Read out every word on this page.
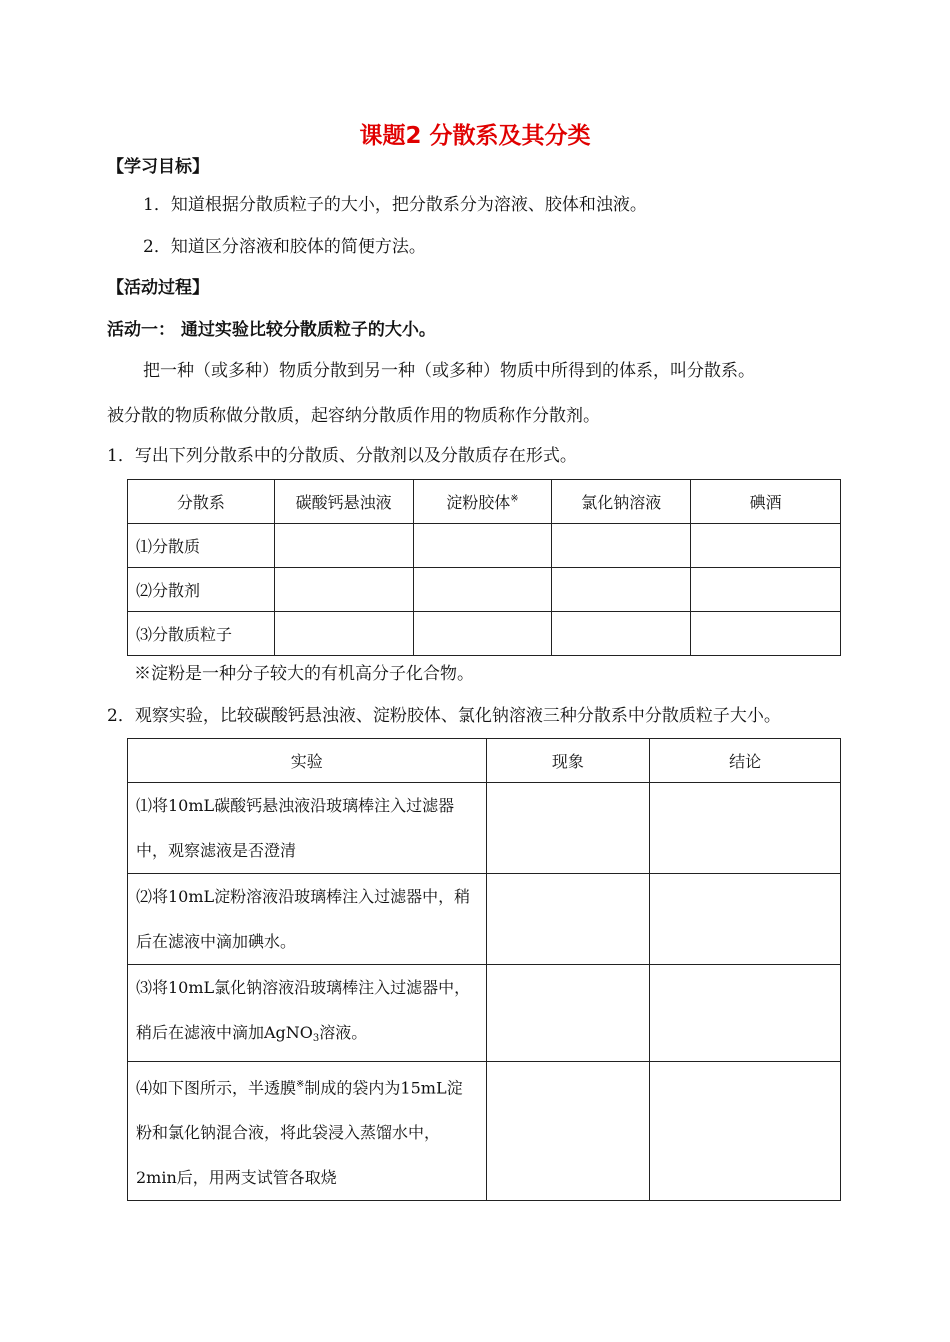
课题2 分散系及其分类
【学习目标】
1．知道根据分散质粒子的大小，把分散系分为溶液、胶体和浊液。
2．知道区分溶液和胶体的简便方法。
【活动过程】
活动一： 通过实验比较分散质粒子的大小。
把一种（或多种）物质分散到另一种（或多种）物质中所得到的体系，叫分散系。
被分散的物质称做分散质，起容纳分散质作用的物质称作分散剂。
1．写出下列分散系中的分散质、分散剂以及分散质存在形式。
分散系	碳酸钙悬浊液	淀粉胶体※	氯化钠溶液	碘酒
⑴分散质				
⑵分散剂				
⑶分散质粒子				
※淀粉是一种分子较大的有机高分子化合物。
2．观察实验，比较碳酸钙悬浊液、淀粉胶体、氯化钠溶液三种分散系中分散质粒子大小。
实验	现象	结论
⑴将10mL碳酸钙悬浊液沿玻璃棒注入过滤器中，观察滤液是否澄清		
⑵将10mL淀粉溶液沿玻璃棒注入过滤器中，稍后在滤液中滴加碘水。		
⑶将10mL氯化钠溶液沿玻璃棒注入过滤器中，稍后在滤液中滴加AgNO$_3$溶液。		
⑷如下图所示，半透膜※制成的袋内为15mL淀粉和氯化钠混合液，将此袋浸入蒸馏水中，2min后，用两支试管各取烧		
